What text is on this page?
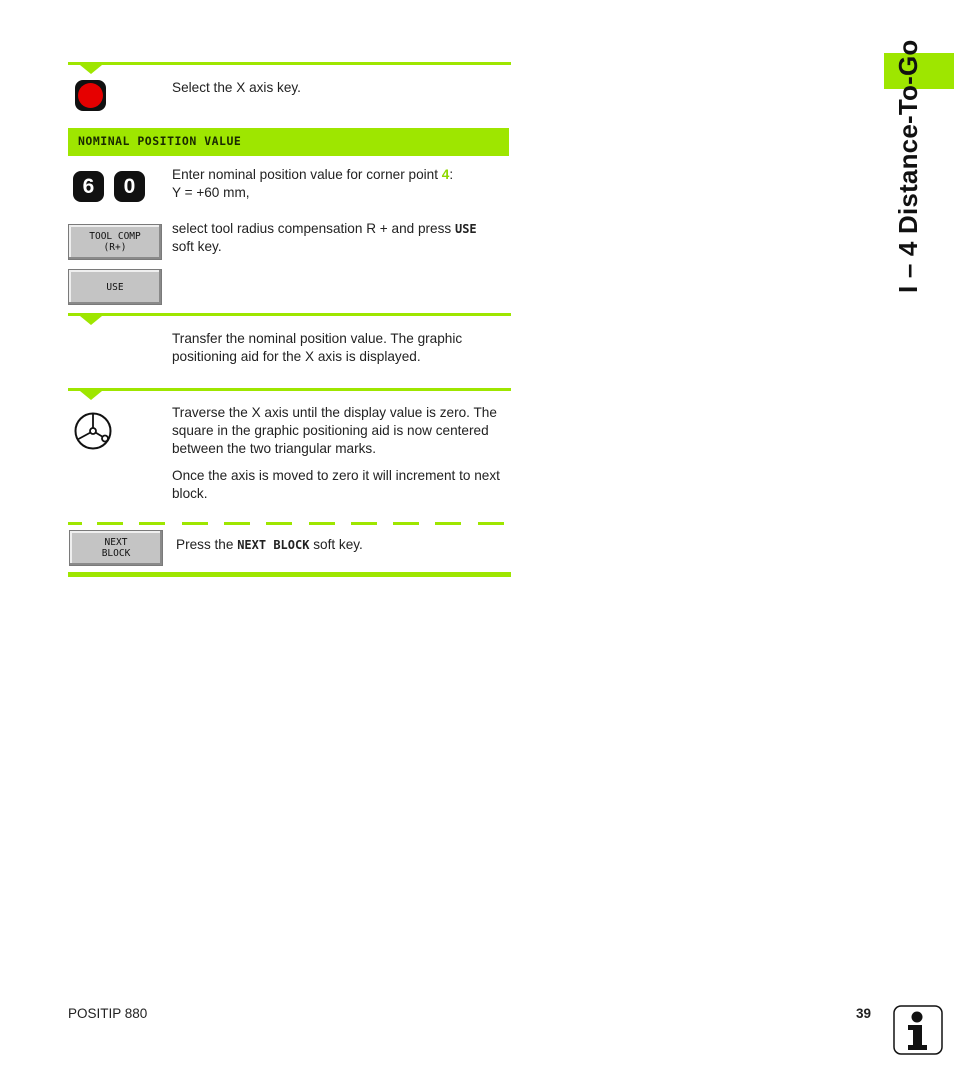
I – 4 Distance-To-Go
Select the X axis key.
NOMINAL POSITION VALUE
6	0
Enter nominal position value for corner point 4:
Y = +60 mm,
TOOL COMP
(R+)
USE
select tool radius compensation R + and press USE
soft key.
Transfer the nominal position value. The graphic positioning aid for the X axis is displayed.
Traverse the X axis until the display value is zero. The square in the graphic positioning aid is now centered between the two triangular marks.
Once the axis is moved to zero it will increment to next block.
NEXT
BLOCK
Press the NEXT BLOCK soft key.
POSITIP 880	39
